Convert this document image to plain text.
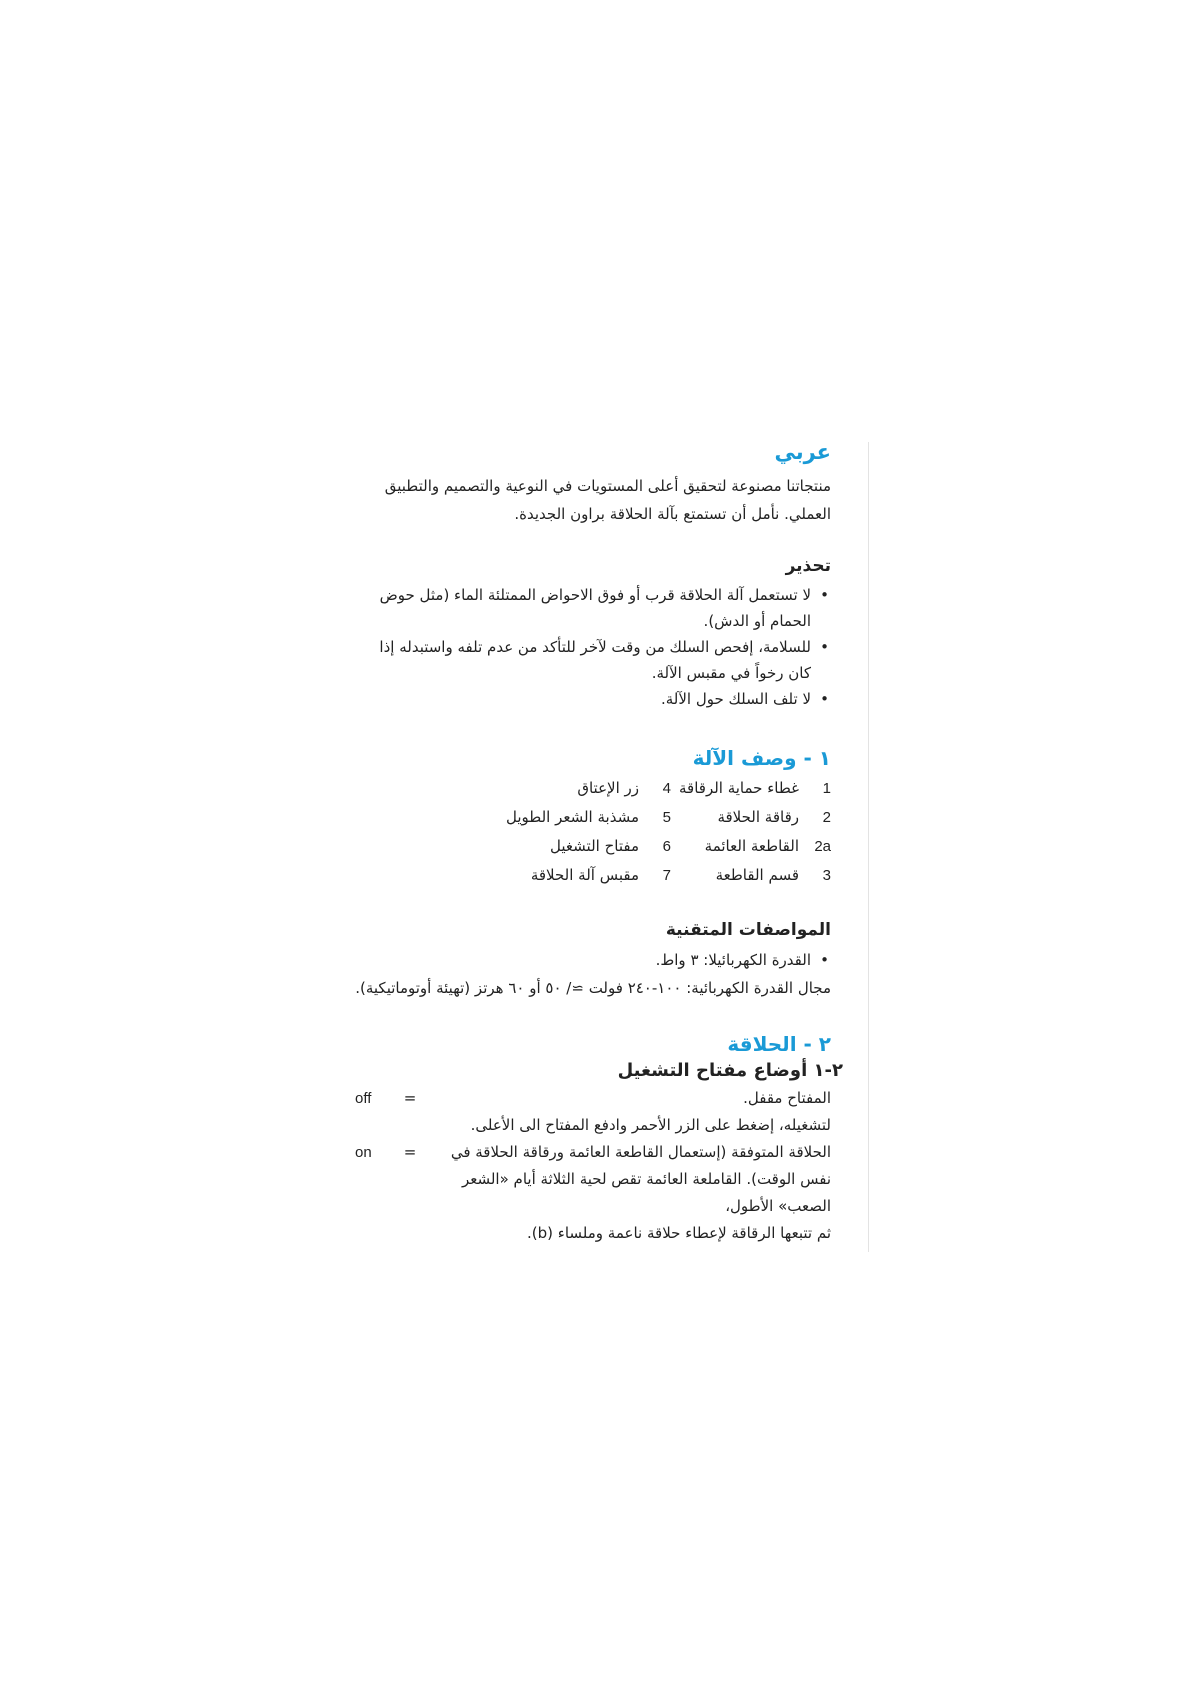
عربي

منتجاتنا مصنوعة لتحقيق أعلى المستويات في النوعية والتصميم والتطبيق العملي. نأمل أن تستمتع بآلة الحلاقة براون الجديدة.

تحذير
• لا تستعمل آلة الحلاقة قرب أو فوق الاحواض الممتلئة الماء (مثل حوض الحمام أو الدش).
• للسلامة، إفحص السلك من وقت لآخر للتأكد من عدم تلفه واستبدله إذا كان رخواً في مقبس الآلة.
• لا تلف السلك حول الآلة.
١ - وصف الآلة
1غطاء حماية الرقاقة
4زر الإعتاق
2رقاقة الحلاقة
5مشذبة الشعر الطويل
2aالقاطعة العائمة
6مفتاح التشغيل
3قسم القاطعة
7مقبس آلة الحلاقة
المواصفات المتقنية
• القدرة الكهربائيلا: ٣ واط.
مجال القدرة الكهربائية: ١٠٠-٢٤٠ فولت ≃/ ٥٠ أو ٦٠ هرتز (تهيئة أوتوماتيكية).
٢ - الحلاقة
٢-١ أوضاع مفتاح التشغيل
المفتاح مقفل.
=
off
لتشغيله، إضغط على الزر الأحمر وادفع المفتاح الى الأعلى.
الحلاقة المتوفقة (إستعمال القاطعة العائمة ورقاقة الحلاقة في نفس الوقت). القاملعة العائمة تقص لحية الثلاثة أيام «الشعر الصعب» الأطول،
=
on
ثم تتبعها الرقاقة لإعطاء حلاقة ناعمة وملساء (b).
